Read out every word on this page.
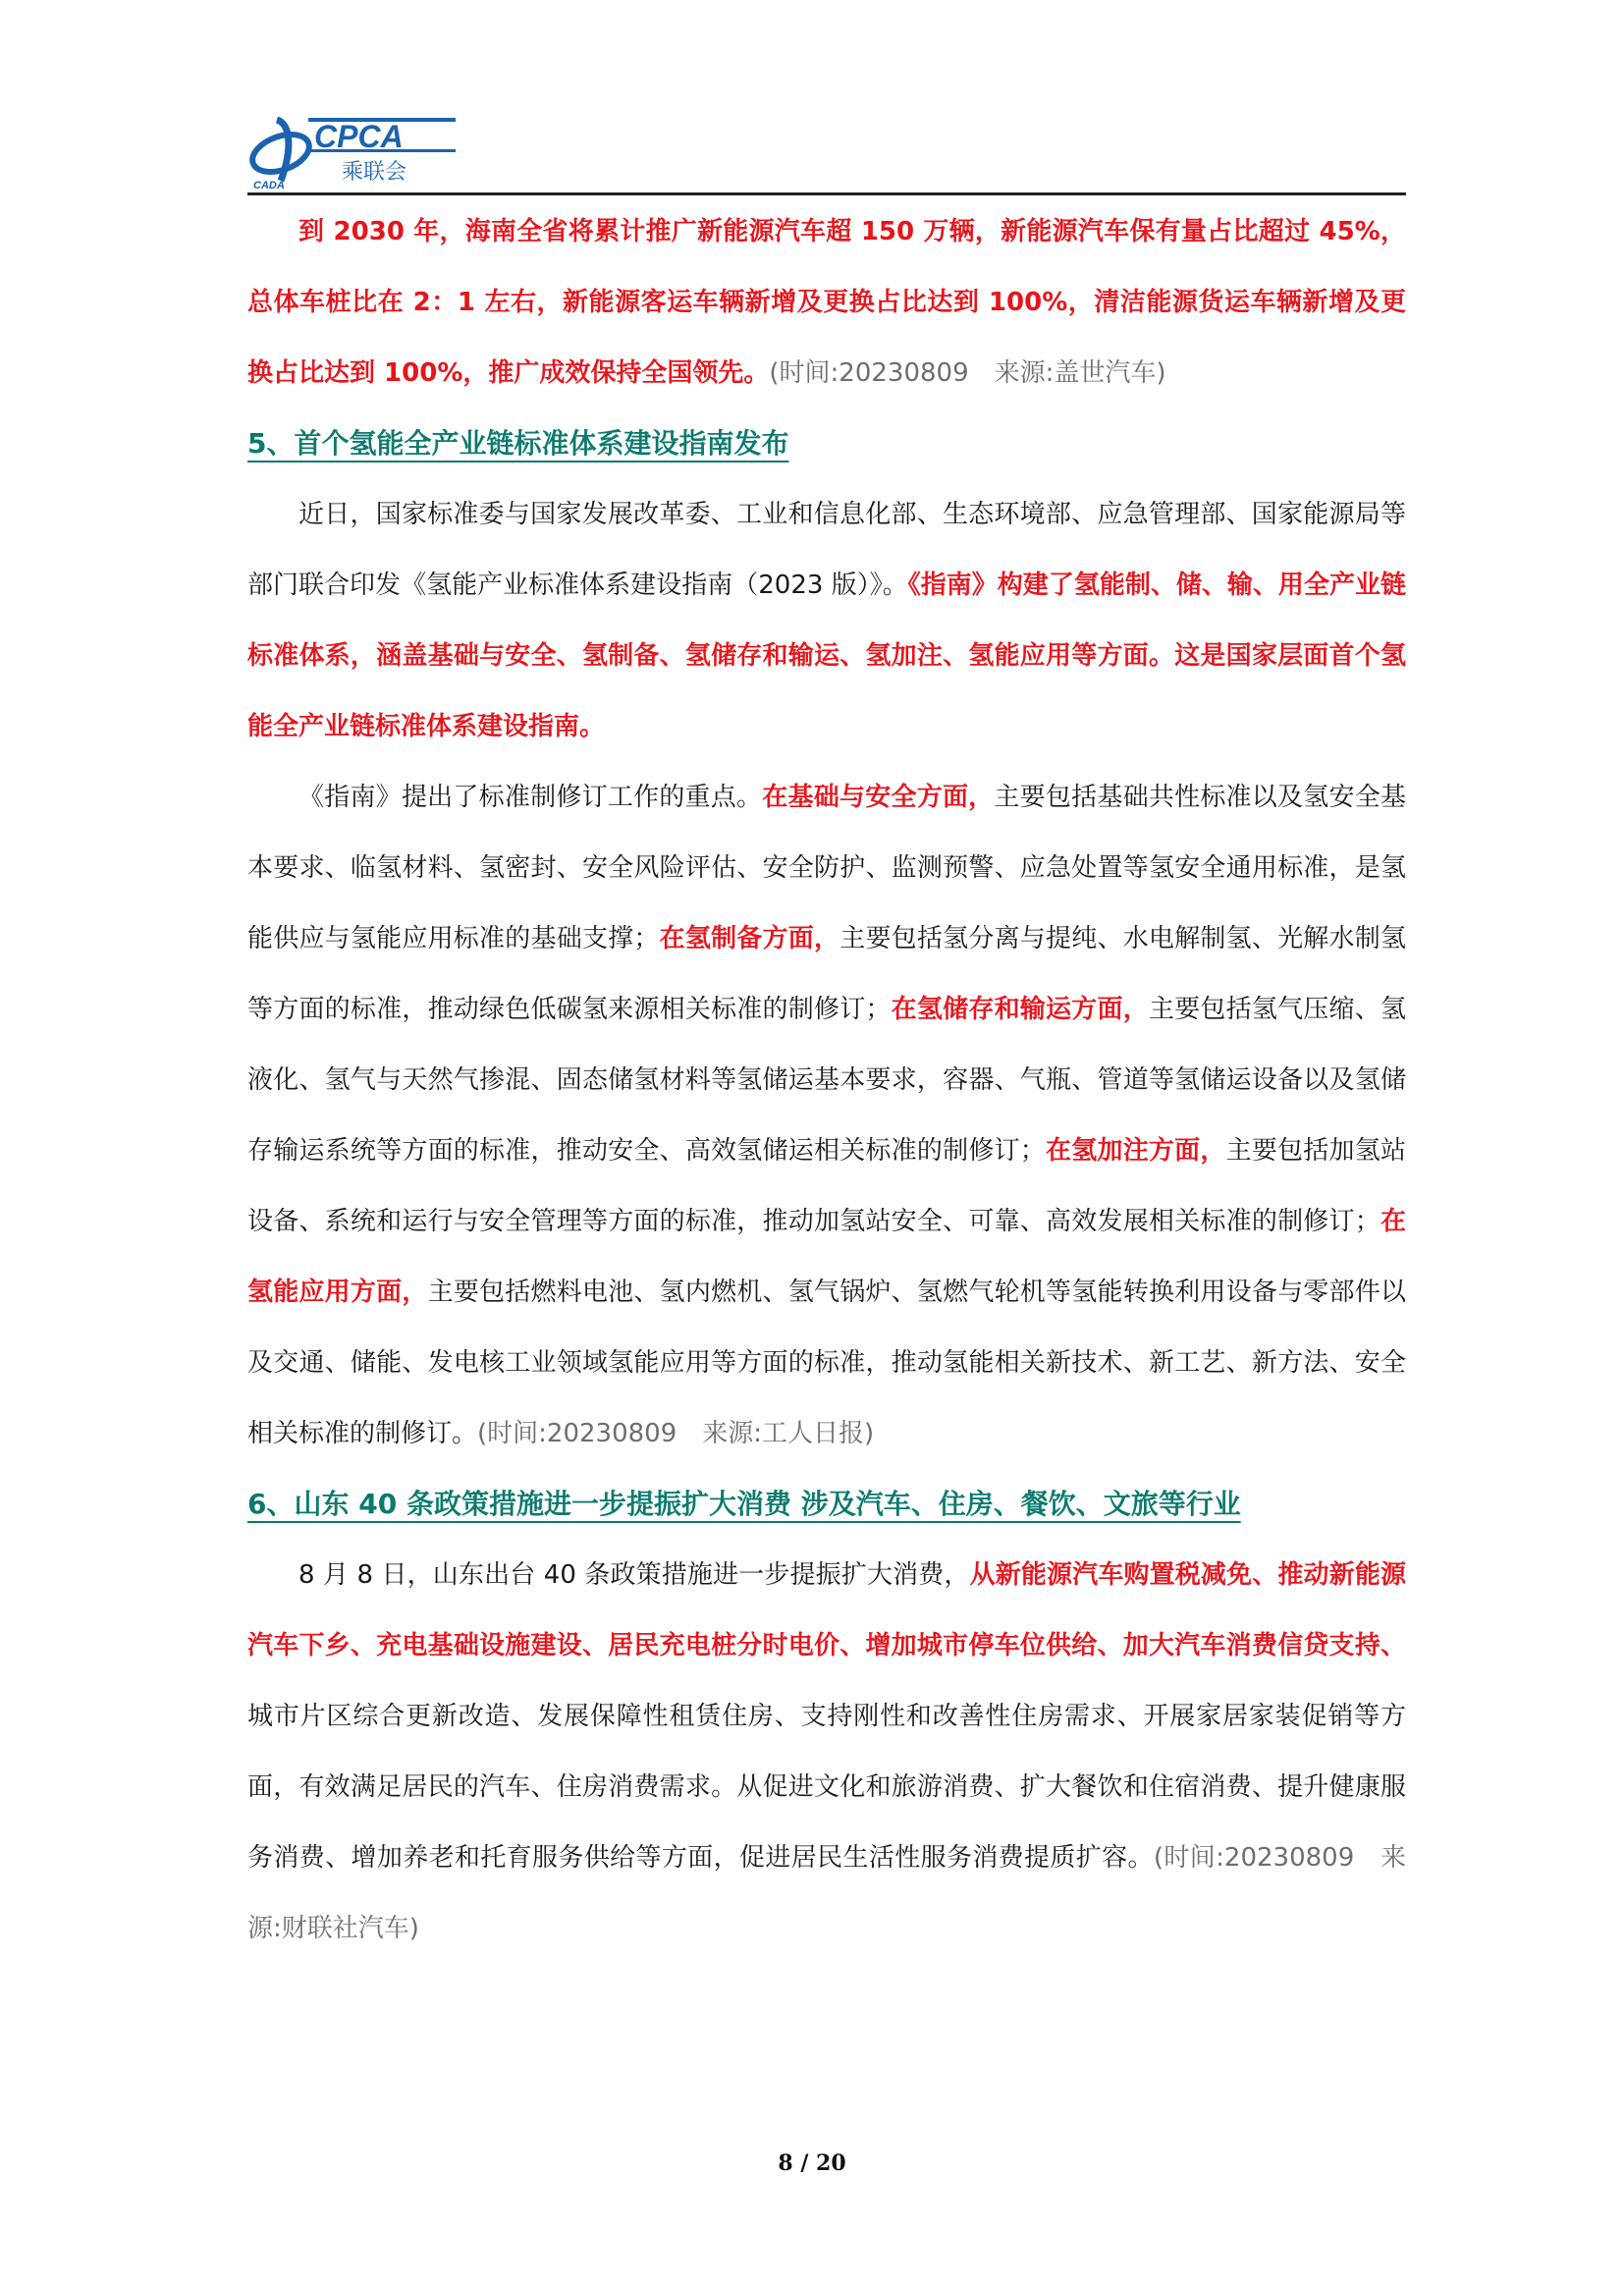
CADA
CPCA
乘联会

到 2030 年，海南全省将累计推广新能源汽车超 150 万辆，新能源汽车保有量占比超过 45%，总体车桩比在 2：1 左右，新能源客运车辆新增及更换占比达到 100%，清洁能源货运车辆新增及更换占比达到 100%，推广成效保持全国领先。(时间:20230809　来源:盖世汽车)

5、首个氢能全产业链标准体系建设指南发布

近日，国家标准委与国家发展改革委、工业和信息化部、生态环境部、应急管理部、国家能源局等部门联合印发《氢能产业标准体系建设指南（2023 版）》。《指南》构建了氢能制、储、输、用全产业链标准体系，涵盖基础与安全、氢制备、氢储存和输运、氢加注、氢能应用等方面。这是国家层面首个氢能全产业链标准体系建设指南。

《指南》提出了标准制修订工作的重点。在基础与安全方面，主要包括基础共性标准以及氢安全基本要求、临氢材料、氢密封、安全风险评估、安全防护、监测预警、应急处置等氢安全通用标准，是氢能供应与氢能应用标准的基础支撑；在氢制备方面，主要包括氢分离与提纯、水电解制氢、光解水制氢等方面的标准，推动绿色低碳氢来源相关标准的制修订；在氢储存和输运方面，主要包括氢气压缩、氢液化、氢气与天然气掺混、固态储氢材料等氢储运基本要求，容器、气瓶、管道等氢储运设备以及氢储存输运系统等方面的标准，推动安全、高效氢储运相关标准的制修订；在氢加注方面，主要包括加氢站设备、系统和运行与安全管理等方面的标准，推动加氢站安全、可靠、高效发展相关标准的制修订；在氢能应用方面，主要包括燃料电池、氢内燃机、氢气锅炉、氢燃气轮机等氢能转换利用设备与零部件以及交通、储能、发电核工业领域氢能应用等方面的标准，推动氢能相关新技术、新工艺、新方法、安全相关标准的制修订。(时间:20230809　来源:工人日报)

6、山东 40 条政策措施进一步提振扩大消费 涉及汽车、住房、餐饮、文旅等行业

8 月 8 日，山东出台 40 条政策措施进一步提振扩大消费，从新能源汽车购置税减免、推动新能源汽车下乡、充电基础设施建设、居民充电桩分时电价、增加城市停车位供给、加大汽车消费信贷支持、城市片区综合更新改造、发展保障性租赁住房、支持刚性和改善性住房需求、开展家居家装促销等方面，有效满足居民的汽车、住房消费需求。从促进文化和旅游消费、扩大餐饮和住宿消费、提升健康服务消费、增加养老和托育服务供给等方面，促进居民生活性服务消费提质扩容。(时间:20230809　来源:财联社汽车)

8 / 20
